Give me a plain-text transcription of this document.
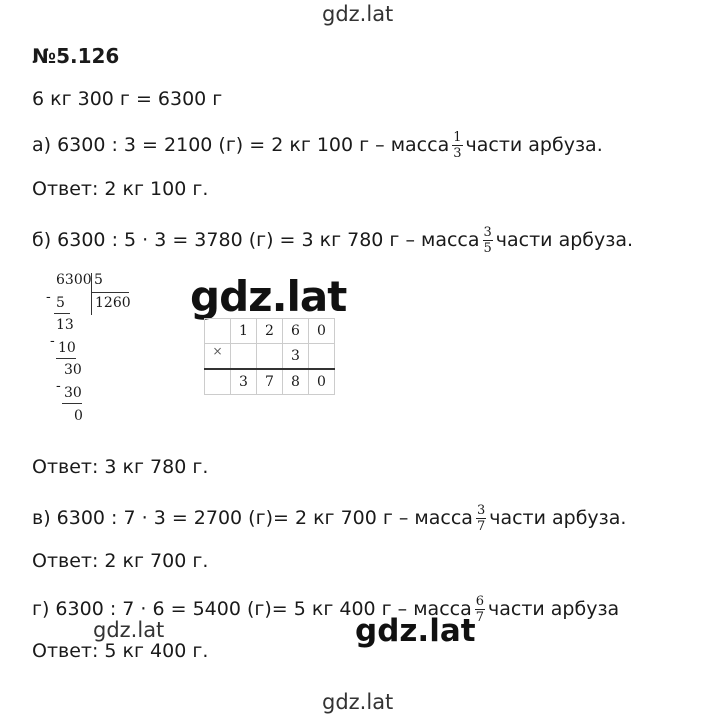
gdz.lat
№5.126
6 кг 300 г = 6300 г
а) 6300 : 3 = 2100 (г) = 2 кг 100 г – масса $\frac{1}{3}$ части арбуза.
Ответ: 2 кг 100 г.
б) 6300 : 5 · 3 = 3780 (г) = 3 кг 780 г – масса $\frac{3}{5}$ части арбуза.
6300 5
1260
- 5
13
- 10
30
- 30
0
gdz.lat
	1	2	6	0
×			3	
	3	7	8	0
Ответ: 3 кг 780 г.
в) 6300 : 7 · 3 = 2700 (г)= 2 кг 700 г – масса $\frac{3}{7}$ части арбуза.
Ответ: 2 кг 700 г.
г) 6300 : 7 · 6 = 5400 (г)= 5 кг 400 г – масса $\frac{6}{7}$ части арбуза
Ответ: 5 кг 400 г.
gdz.lat	gdz.lat
gdz.lat
